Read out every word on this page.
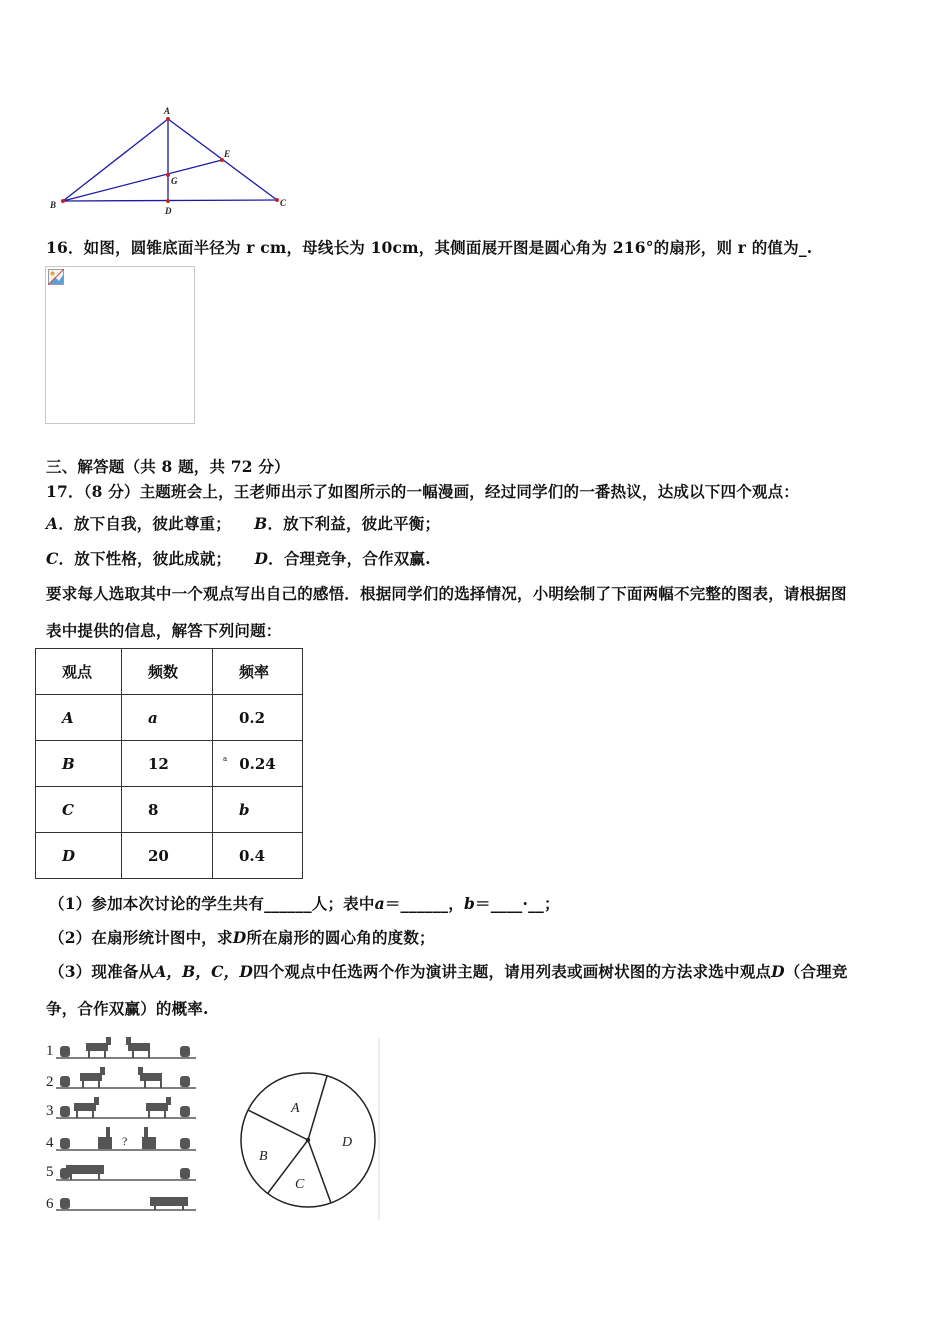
A
B	C
D
E
G
16．如图，圆锥底面半径为 r cm，母线长为 10cm，其侧面展开图是圆心角为 216°的扇形，则 r 的值为_.
三、解答题（共 8 题，共 72 分）
17．（8 分）主题班会上，王老师出示了如图所示的一幅漫画，经过同学们的一番热议，达成以下四个观点：
A．放下自我，彼此尊重； B．放下利益，彼此平衡；
C．放下性格，彼此成就； D．合理竞争，合作双赢.
要求每人选取其中一个观点写出自己的感悟．根据同学们的选择情况，小明绘制了下面两幅不完整的图表，请根据图
表中提供的信息，解答下列问题：
观点	频数	频率
A	a	0.2
B	12	$^a$ 0.24
C	8	b
D	20	0.4
（1）参加本次讨论的学生共有______人；表中a＝______，b＝____·__；
（2）在扇形统计图中，求D所在扇形的圆心角的度数；
（3）现准备从A，B，C，D四个观点中任选两个作为演讲主题，请用列表或画树状图的方法求选中观点D（合理竞
争，合作双赢）的概率.
1
2
3
4
5
6
?
A
B
C
D
